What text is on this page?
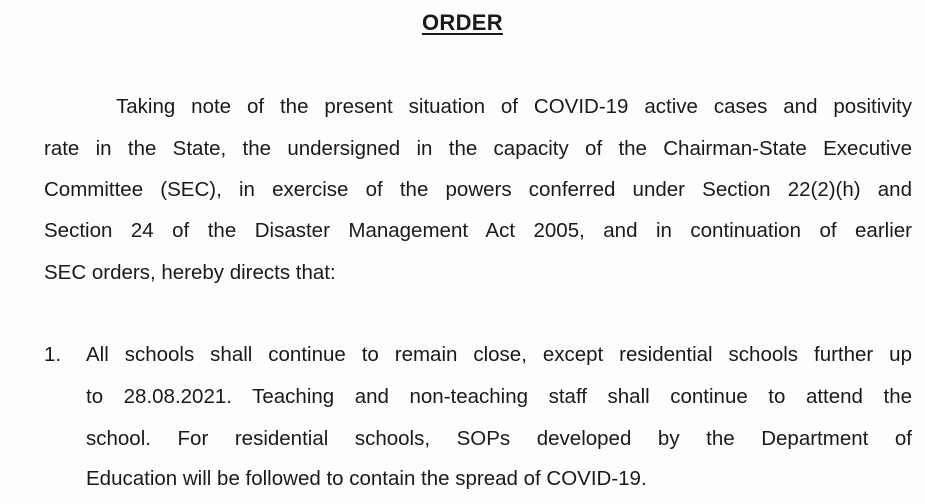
ORDER
Taking note of the present situation of COVID-19 active cases and positivity
rate in the State, the undersigned in the capacity of the Chairman-State Executive
Committee (SEC), in exercise of the powers conferred under Section 22(2)(h) and
Section 24 of the Disaster Management Act 2005, and in continuation of earlier
SEC orders, hereby directs that:
1. All schools shall continue to remain close, except residential schools further up
to 28.08.2021. Teaching and non-teaching staff shall continue to attend the
school. For residential schools, SOPs developed by the Department of
Education will be followed to contain the spread of COVID-19.
